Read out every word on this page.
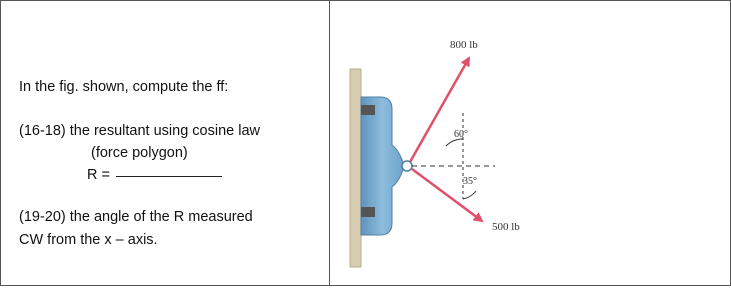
In the fig. shown, compute the ff:
(16-18) the resultant using cosine law
(force polygon)
R =
(19-20) the angle of the R measured
CW from the x – axis.
800 lb
500 lb
60°
35°
